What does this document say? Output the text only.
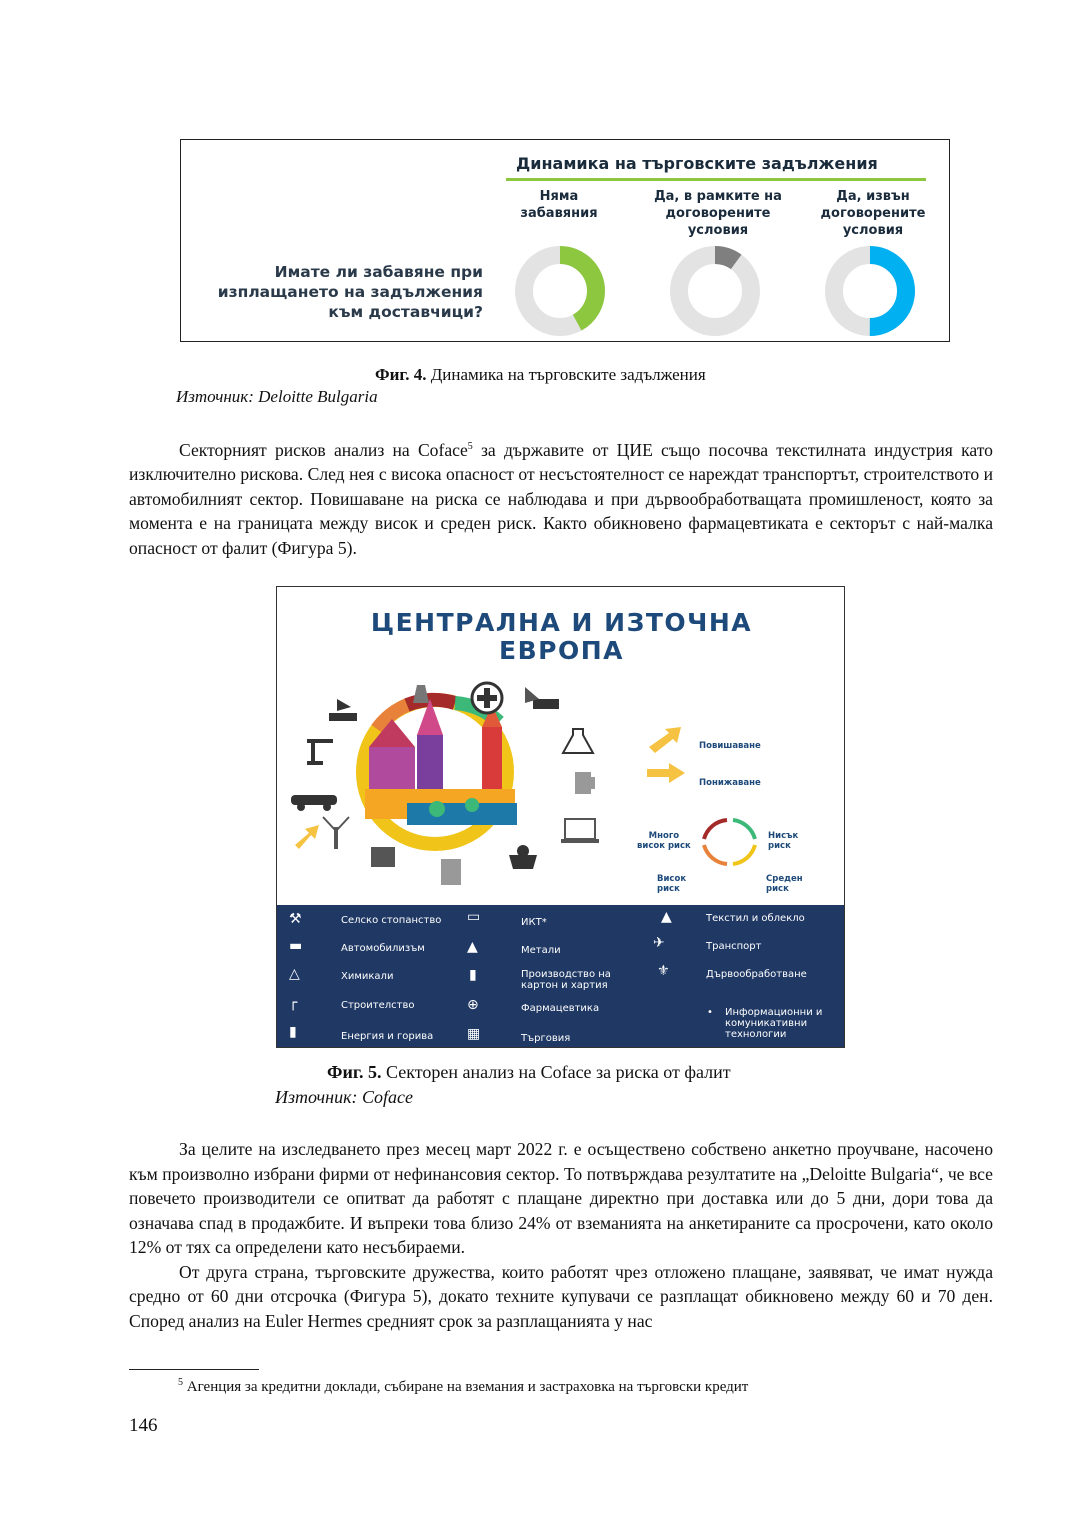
Динамика на търговските задължения
Няма
забавяния
Да, в рамките на
договорените
условия
Да, извън
договорените
условия
Имате ли забавяне при
изплащането на задължения
към доставчици?
Фиг. 4. Динамика на търговските задължения
Източник: Deloitte Bulgaria

Секторният рисков анализ на Coface$^5$ за държавите от ЦИЕ също посочва текстилната индустрия като изключително рискова. След нея с висока опасност от несъстоятелност се нареждат транспортът, строителството и автомобилният сектор. Повишаване на риска се наблюдава и при дървообработващата промишленост, която за момента е на границата между висок и среден риск. Както обикновено фармацевтиката е секторът с най-малка опасност от фалит (Фигура 5).

ЦЕНТРАЛНА И ИЗТОЧНА
ЕВРОПА
Повишаване
Понижаване
Много
висок риск
Нисък
риск
Висок
риск
Среден
риск
⚒	Селско стопанство
▬	Автомобилизъм
△	Химикали
┌	Строителство
▮	Енергия и горива
▭	ИКТ*
▲	Метали
▮	Производство на
картон и хартия
⊕	Фармацевтика
▦	Търговия
▲	Текстил и облекло
✈	Транспорт
⚜	Дървообработване
• Информационни и
комуникативни
технологии
Фиг. 5. Секторен анализ на Coface за риска от фалит
Източник: Coface

За целите на изследването през месец март 2022 г. е осъществено собствено анкетно проучване, насочено към произволно избрани фирми от нефинансовия сектор. То потвърждава резултатите на „Deloitte Bulgaria“, че все повечето производители се опитват да работят с плащане директно при доставка или до 5 дни, дори това да означава спад в продажбите. И въпреки това близо 24% от вземанията на анкетираните са просрочени, като около 12% от тях са определени като несъбираеми.

От друга страна, търговските дружества, които работят чрез отложено плащане, заявяват, че имат нужда средно от 60 дни отсрочка (Фигура 5), докато техните купувачи се разплащат обикновено между 60 и 70 ден. Според анализ на Euler Hermes средният срок за разплащанията у нас

$^5$ Агенция за кредитни доклади, събиране на вземания и застраховка на търговски кредит
146
